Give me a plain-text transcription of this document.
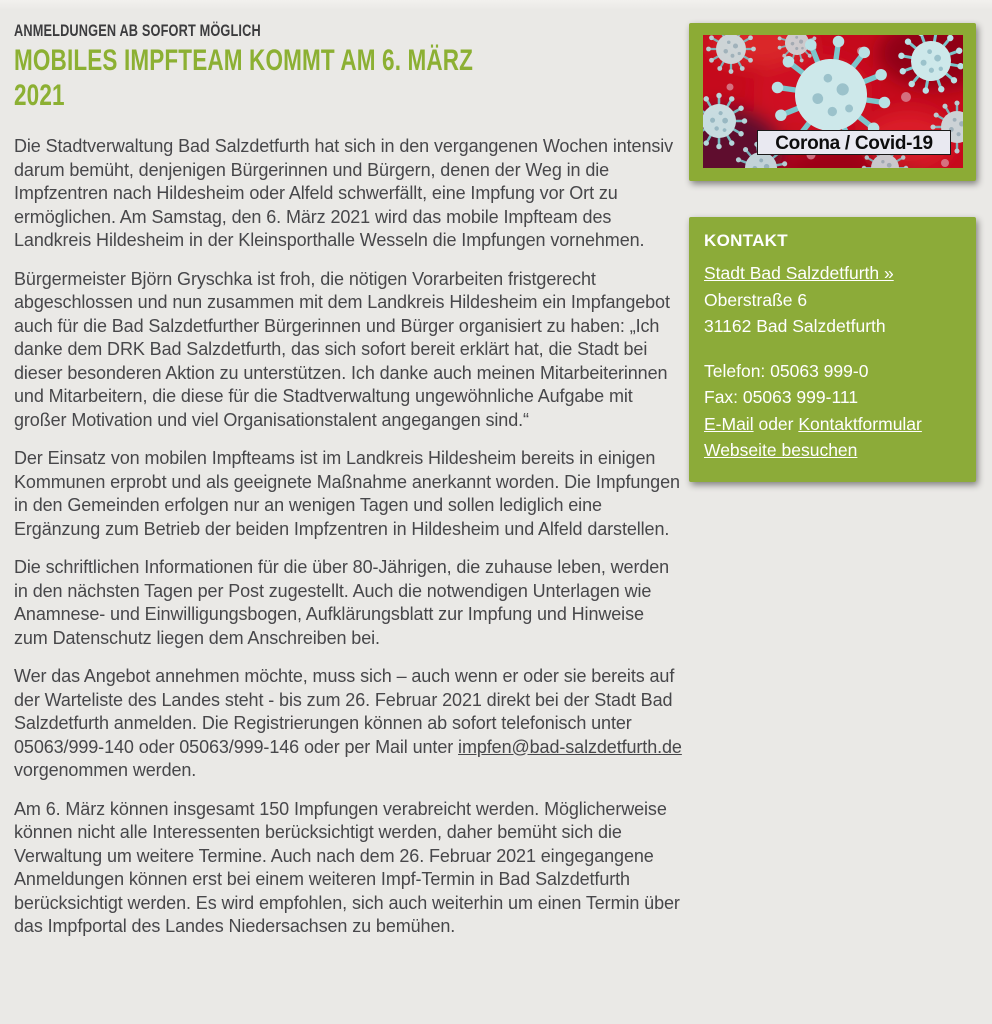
ANMELDUNGEN AB SOFORT MÖGLICH
MOBILES IMPFTEAM KOMMT AM 6. MÄRZ 2021

Die Stadtverwaltung Bad Salzdetfurth hat sich in den vergangenen Wochen intensiv darum bemüht, denjenigen Bürgerinnen und Bürgern, denen der Weg in die Impfzentren nach Hildesheim oder Alfeld schwerfällt, eine Impfung vor Ort zu ermöglichen. Am Samstag, den 6. März 2021 wird das mobile Impfteam des Landkreis Hildesheim in der Kleinsporthalle Wesseln die Impfungen vornehmen.

Bürgermeister Björn Gryschka ist froh, die nötigen Vorarbeiten fristgerecht abgeschlossen und nun zusammen mit dem Landkreis Hildesheim ein Impfangebot auch für die Bad Salzdetfurther Bürgerinnen und Bürger organisiert zu haben: „Ich danke dem DRK Bad Salzdetfurth, das sich sofort bereit erklärt hat, die Stadt bei dieser besonderen Aktion zu unterstützen. Ich danke auch meinen Mitarbeiterinnen und Mitarbeitern, die diese für die Stadtverwaltung ungewöhnliche Aufgabe mit großer Motivation und viel Organisationstalent angegangen sind.“

Der Einsatz von mobilen Impfteams ist im Landkreis Hildesheim bereits in einigen Kommunen erprobt und als geeignete Maßnahme anerkannt worden. Die Impfungen in den Gemeinden erfolgen nur an wenigen Tagen und sollen lediglich eine Ergänzung zum Betrieb der beiden Impfzentren in Hildesheim und Alfeld darstellen.

Die schriftlichen Informationen für die über 80-Jährigen, die zuhause leben, werden in den nächsten Tagen per Post zugestellt. Auch die notwendigen Unterlagen wie Anamnese- und Einwilligungsbogen, Aufklärungsblatt zur Impfung und Hinweise zum Datenschutz liegen dem Anschreiben bei.

Wer das Angebot annehmen möchte, muss sich – auch wenn er oder sie bereits auf der Warteliste des Landes steht - bis zum 26. Februar 2021 direkt bei der Stadt Bad Salzdetfurth anmelden. Die Registrierungen können ab sofort telefonisch unter 05063/999-140 oder 05063/999-146 oder per Mail unter impfen@bad-salzdetfurth.de vorgenommen werden.

Am 6. März können insgesamt 150 Impfungen verabreicht werden. Möglicherweise können nicht alle Interessenten berücksichtigt werden, daher bemüht sich die Verwaltung um weitere Termine. Auch nach dem 26. Februar 2021 eingegangene Anmeldungen können erst bei einem weiteren Impf-Termin in Bad Salzdetfurth berücksichtigt werden. Es wird empfohlen, sich auch weiterhin um einen Termin über das Impfportal des Landes Niedersachsen zu bemühen.

Corona / Covid-19
KONTAKT
Stadt Bad Salzdetfurth »
Oberstraße 6
31162 Bad Salzdetfurth
Telefon: 05063 999-0
Fax: 05063 999-111
E-Mail oder Kontaktformular
Webseite besuchen
